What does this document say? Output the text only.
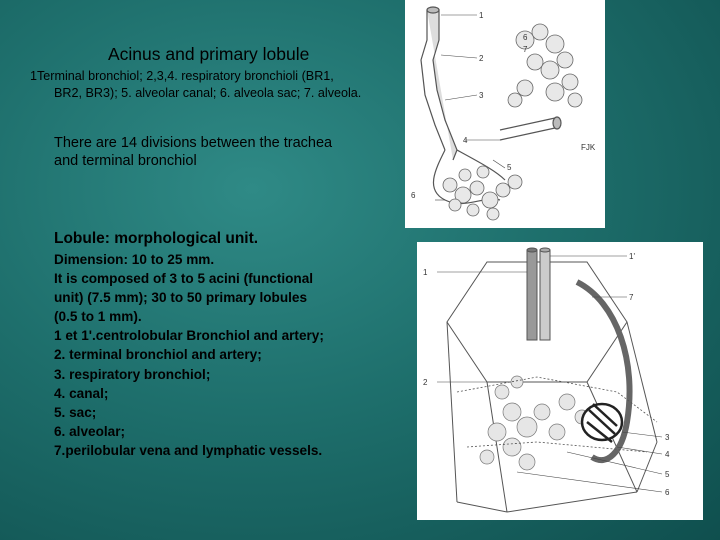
Acinus and primary lobule
1Terminal bronchiol; 2,3,4. respiratory bronchioli (BR1,
BR2, BR3); 5. alveolar canal; 6. alveola sac; 7. alveola.
There are 14 divisions between the trachea and terminal bronchiol
Lobule: morphological unit.
Dimension: 10 to 25 mm.
It is composed of 3 to 5 acini (functional
unit) (7.5 mm); 30 to 50 primary lobules
(0.5 to 1 mm).
1 et 1'.centrolobular Bronchiol and artery;
2. terminal bronchiol and artery;
3. respiratory bronchiol;
4. canal;
5. sac;
6. alveolar;
7.perilobular vena and lymphatic vessels.
1
6
7
2
3
5
4
6
FJK
1'
7
3
4
5
6
1
2
